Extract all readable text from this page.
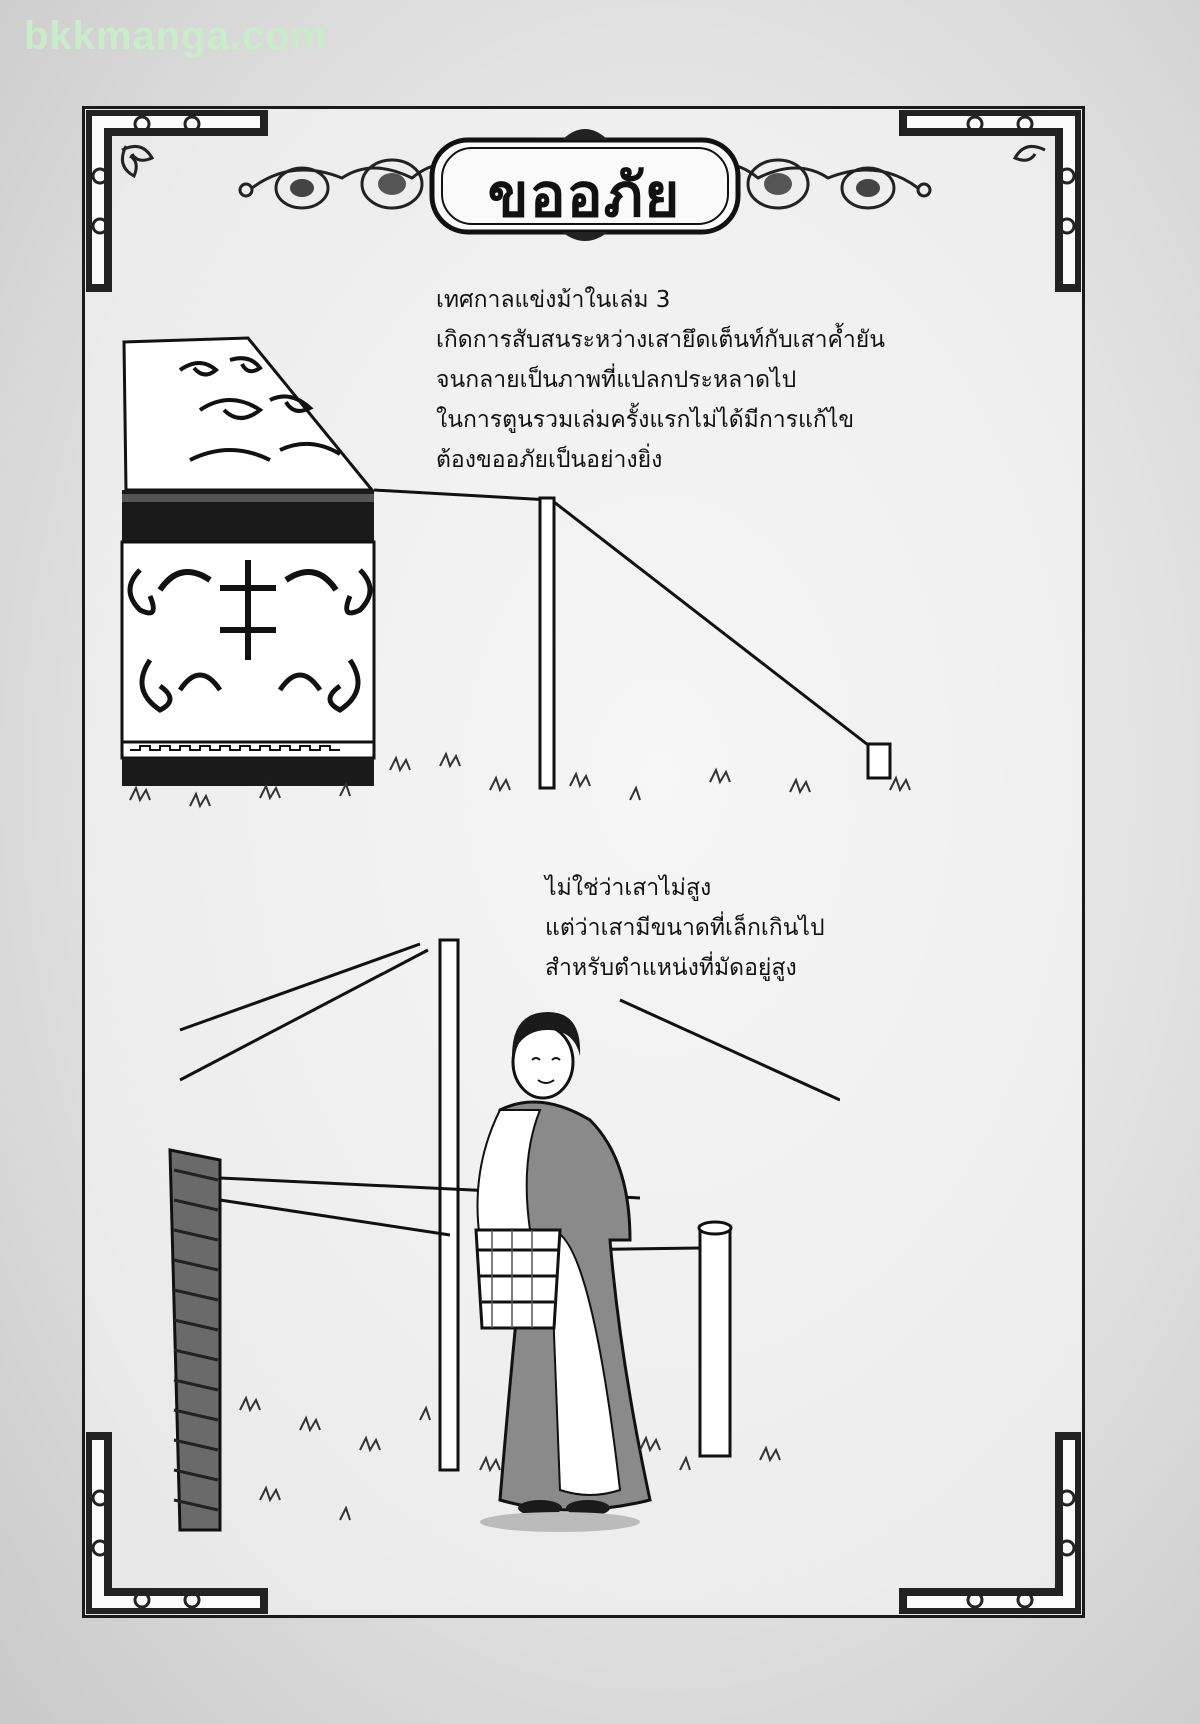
bkkmanga.com
ขออภัย
เทศกาลแข่งม้าในเล่ม 3
เกิดการสับสนระหว่างเสายึดเต็นท์กับเสาค้ำยัน
จนกลายเป็นภาพที่แปลกประหลาดไป
ในการตูนรวมเล่มครั้งแรกไม่ได้มีการแก้ไข
ต้องขออภัยเป็นอย่างยิ่ง
ไม่ใช่ว่าเสาไม่สูง
แต่ว่าเสามีขนาดที่เล็กเกินไป
สำหรับตำแหน่งที่มัดอยู่สูง
